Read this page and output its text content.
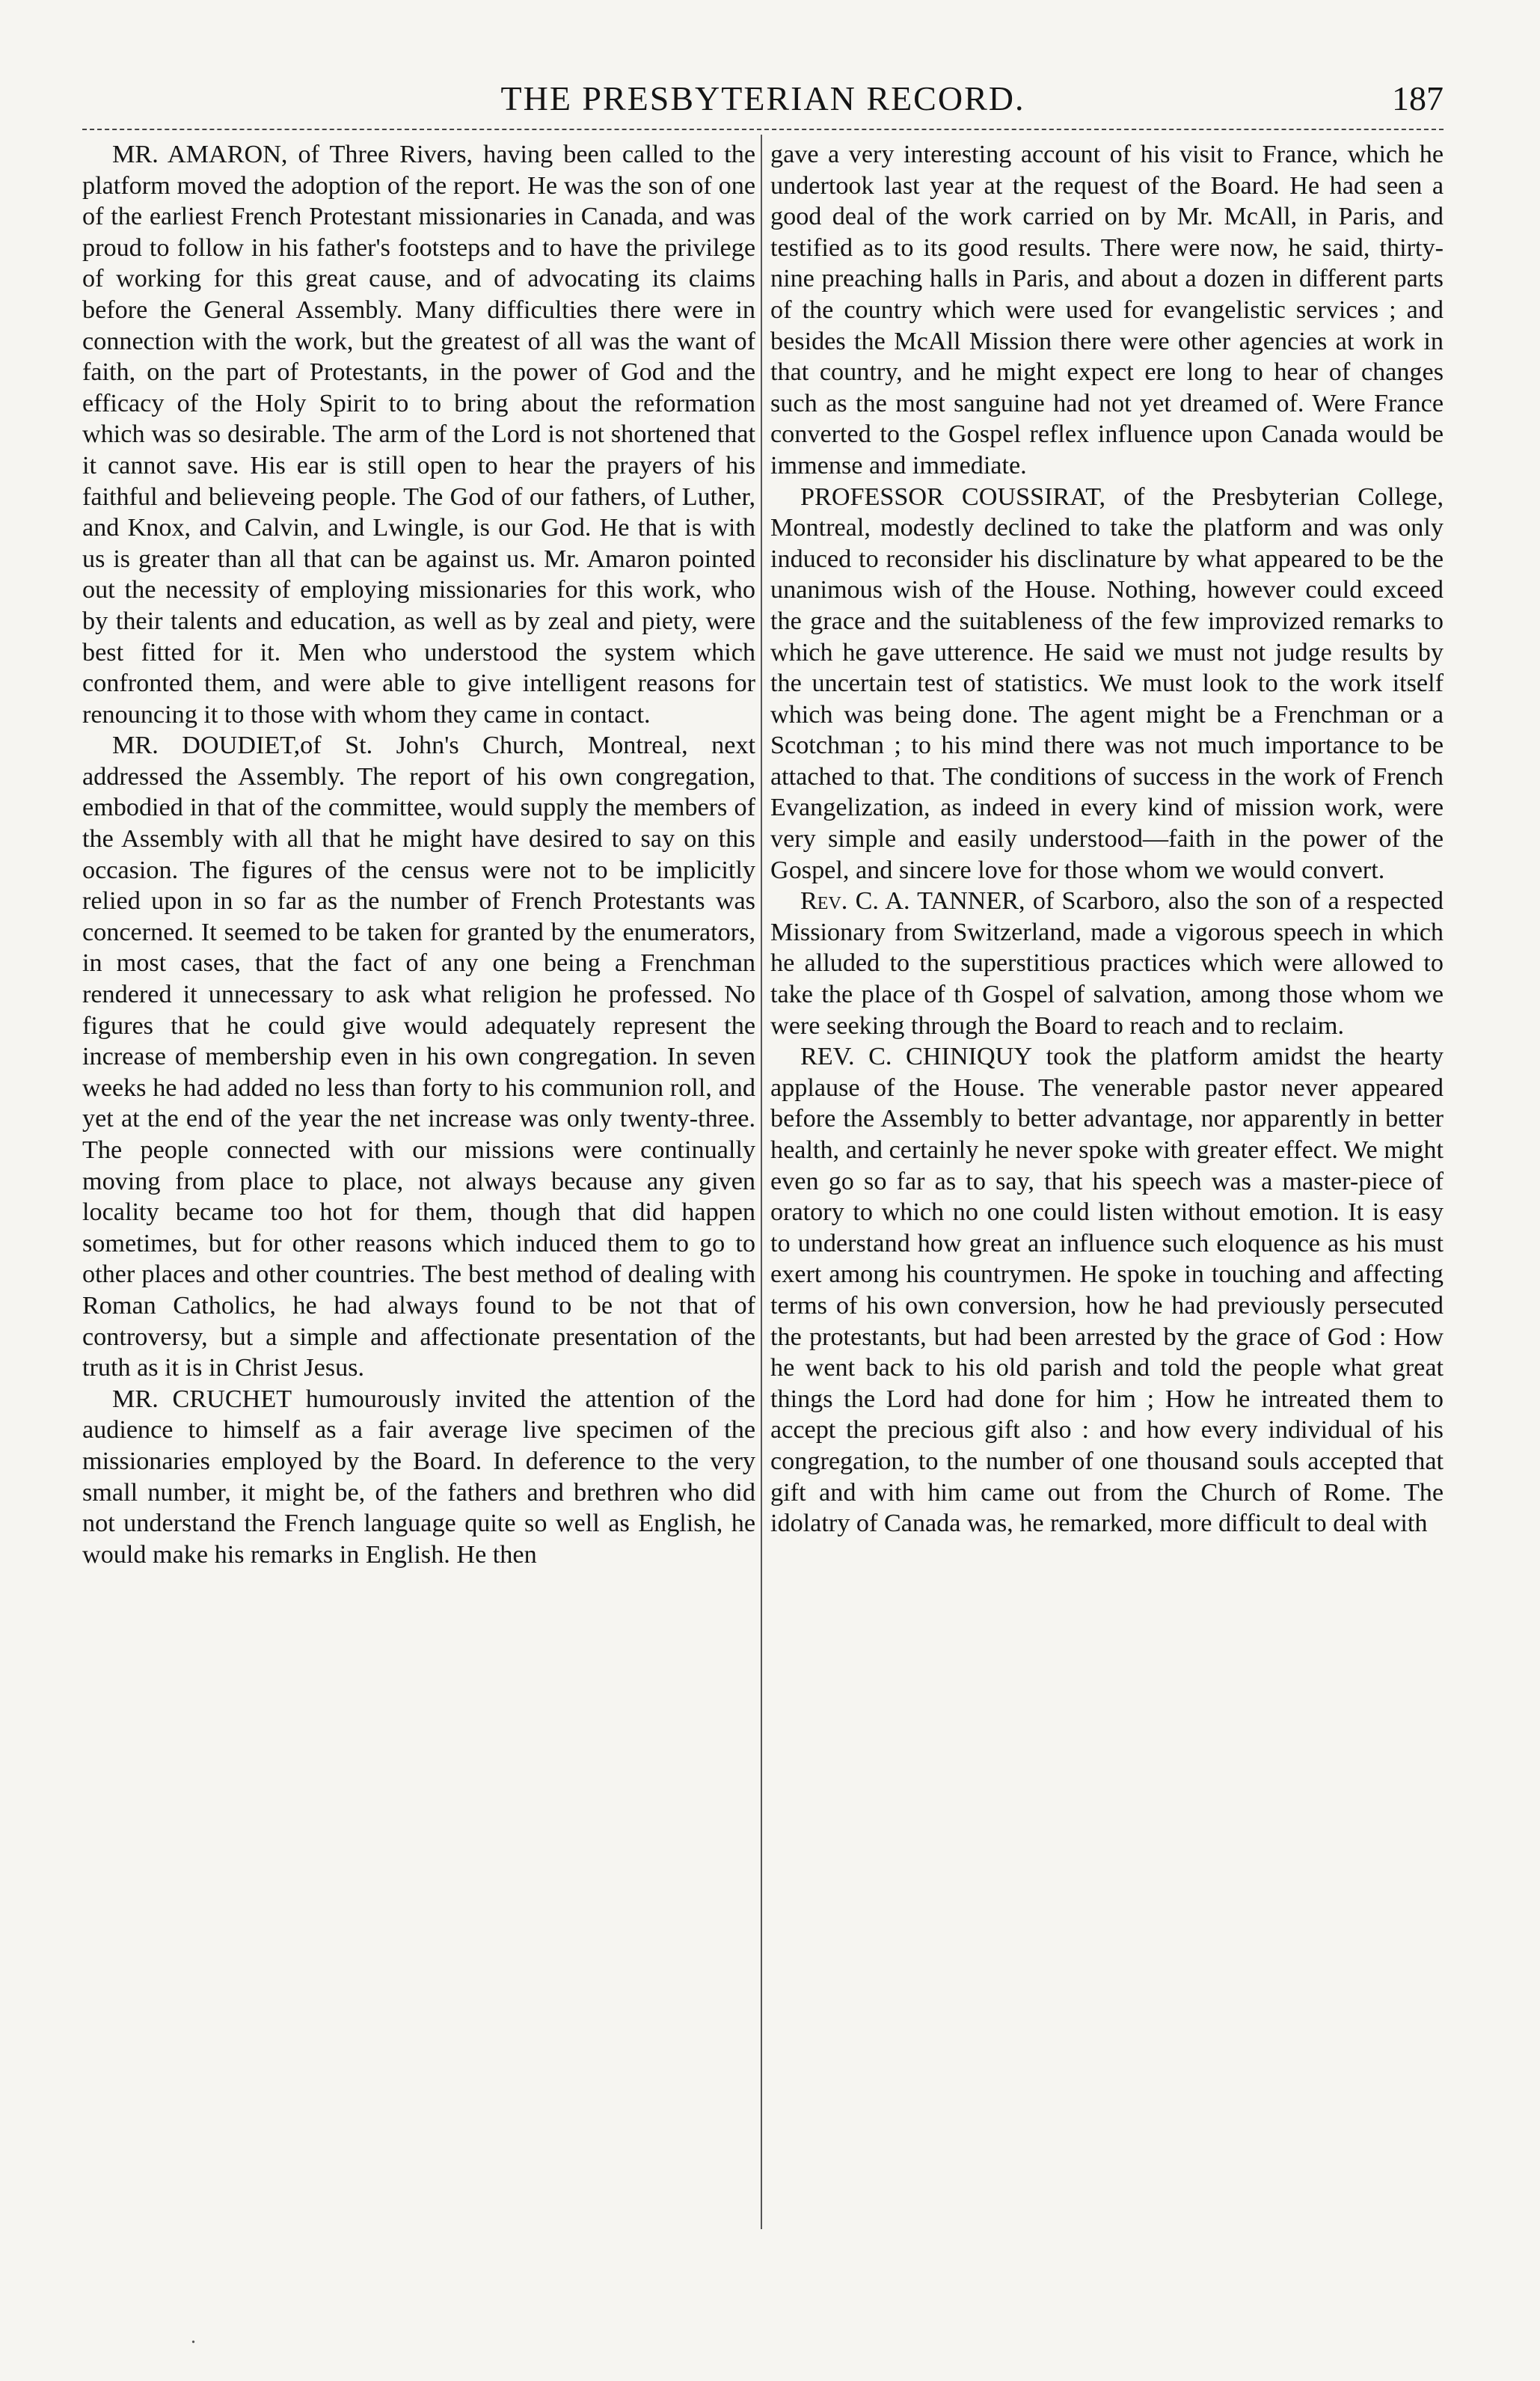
THE PRESBYTERIAN RECORD.	187

MR. AMARON, of Three Rivers, having been called to the platform moved the adoption of the report. He was the son of one of the earliest French Protestant missionaries in Canada, and was proud to follow in his father's footsteps and to have the privilege of working for this great cause, and of advocating its claims before the General Assembly. Many difficulties there were in connection with the work, but the greatest of all was the want of faith, on the part of Protestants, in the power of God and the efficacy of the Holy Spirit to to bring about the reformation which was so desirable. The arm of the Lord is not shortened that it cannot save. His ear is still open to hear the prayers of his faithful and believeing people. The God of our fathers, of Luther, and Knox, and Calvin, and Lwingle, is our God. He that is with us is greater than all that can be against us. Mr. Amaron pointed out the necessity of employing missionaries for this work, who by their talents and education, as well as by zeal and piety, were best fitted for it. Men who understood the system which confronted them, and were able to give intelligent reasons for renouncing it to those with whom they came in contact.

MR. DOUDIET,of St. John's Church, Montreal, next addressed the Assembly. The report of his own congregation, embodied in that of the committee, would supply the members of the Assembly with all that he might have desired to say on this occasion. The figures of the census were not to be implicitly relied upon in so far as the number of French Protestants was concerned. It seemed to be taken for granted by the enumerators, in most cases, that the fact of any one being a Frenchman rendered it unnecessary to ask what religion he professed. No figures that he could give would adequately represent the increase of membership even in his own congregation. In seven weeks he had added no less than forty to his communion roll, and yet at the end of the year the net increase was only twenty-three. The people connected with our missions were continually moving from place to place, not always because any given locality became too hot for them, though that did happen sometimes, but for other reasons which induced them to go to other places and other countries. The best method of dealing with Roman Catholics, he had always found to be not that of controversy, but a simple and affectionate presentation of the truth as it is in Christ Jesus.

MR. CRUCHET humourously invited the attention of the audience to himself as a fair average live specimen of the missionaries employed by the Board. In deference to the very small number, it might be, of the fathers and brethren who did not understand the French language quite so well as English, he would make his remarks in English. He then

gave a very interesting account of his visit to France, which he undertook last year at the request of the Board. He had seen a good deal of the work carried on by Mr. McAll, in Paris, and testified as to its good results. There were now, he said, thirty-nine preaching halls in Paris, and about a dozen in different parts of the country which were used for evangelistic services ; and besides the McAll Mission there were other agencies at work in that country, and he might expect ere long to hear of changes such as the most sanguine had not yet dreamed of. Were France converted to the Gospel reflex influence upon Canada would be immense and immediate.

PROFESSOR COUSSIRAT, of the Presbyterian College, Montreal, modestly declined to take the platform and was only induced to reconsider his disclinature by what appeared to be the unanimous wish of the House. Nothing, however could exceed the grace and the suitableness of the few improvized remarks to which he gave utterence. He said we must not judge results by the uncertain test of statistics. We must look to the work itself which was being done. The agent might be a Frenchman or a Scotchman ; to his mind there was not much importance to be attached to that. The conditions of success in the work of French Evangelization, as indeed in every kind of mission work, were very simple and easily understood—faith in the power of the Gospel, and sincere love for those whom we would convert.

Rev. C. A. TANNER, of Scarboro, also the son of a respected Missionary from Switzerland, made a vigorous speech in which he alluded to the superstitious practices which were allowed to take the place of th Gospel of salvation, among those whom we were seeking through the Board to reach and to reclaim.

REV. C. CHINIQUY took the platform amidst the hearty applause of the House. The venerable pastor never appeared before the Assembly to better advantage, nor apparently in better health, and certainly he never spoke with greater effect. We might even go so far as to say, that his speech was a master-piece of oratory to which no one could listen without emotion. It is easy to understand how great an influence such eloquence as his must exert among his countrymen. He spoke in touching and affecting terms of his own conversion, how he had previously persecuted the protestants, but had been arrested by the grace of God : How he went back to his old parish and told the people what great things the Lord had done for him ; How he intreated them to accept the precious gift also : and how every individual of his congregation, to the number of one thousand souls accepted that gift and with him came out from the Church of Rome. The idolatry of Canada was, he remarked, more difficult to deal with

.
